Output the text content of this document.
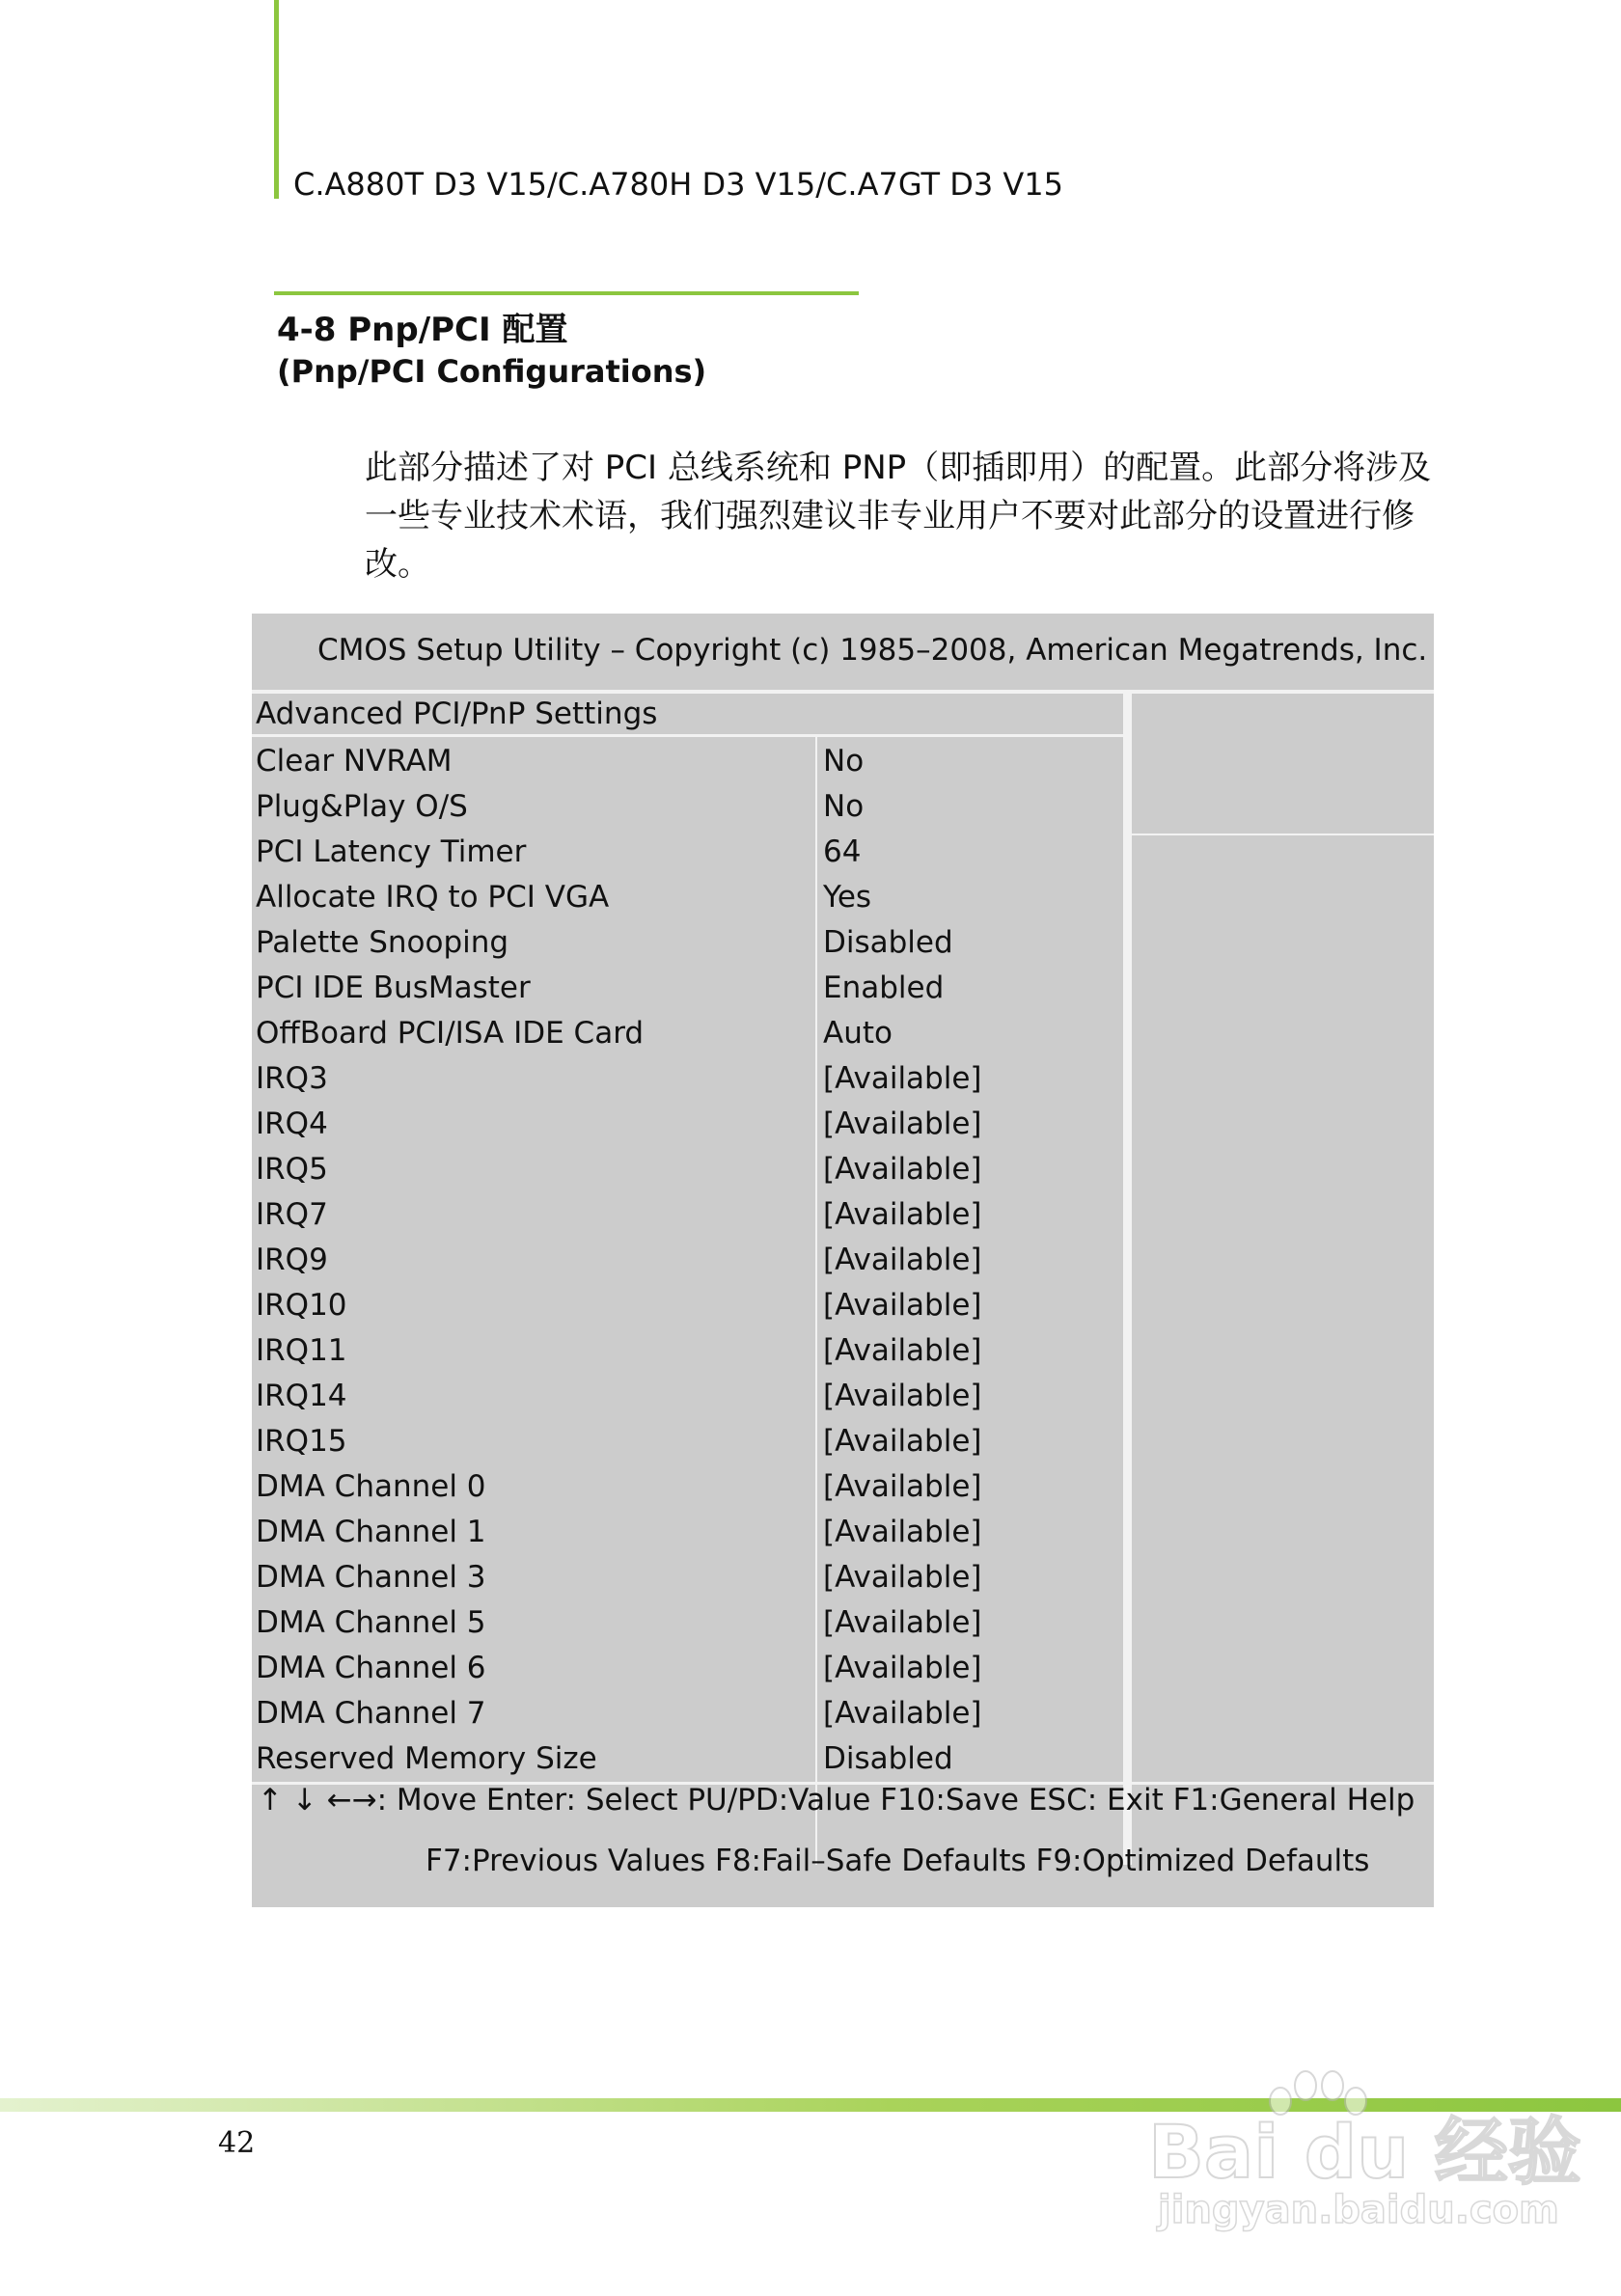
C.A880T D3 V15/C.A780H D3 V15/C.A7GT D3 V15
4-8 Pnp/PCI 配置
(Pnp/PCI Configurations)
此部分描述了对 PCI 总线系统和 PNP（即插即用）的配置。此部分将涉及
一些专业技术术语，我们强烈建议非专业用户不要对此部分的设置进行修
改。
CMOS Setup Utility – Copyright (c) 1985–2008, American Megatrends, Inc.
Advanced PCI/PnP Settings
Clear NVRAM	No
Plug&Play O/S	No
PCI Latency Timer	64
Allocate IRQ to PCI VGA	Yes
Palette Snooping	Disabled
PCI IDE BusMaster	Enabled
OffBoard PCI/ISA IDE Card	Auto
IRQ3	[Available]
IRQ4	[Available]
IRQ5	[Available]
IRQ7	[Available]
IRQ9	[Available]
IRQ10	[Available]
IRQ11	[Available]
IRQ14	[Available]
IRQ15	[Available]
DMA Channel 0	[Available]
DMA Channel 1	[Available]
DMA Channel 3	[Available]
DMA Channel 5	[Available]
DMA Channel 6	[Available]
DMA Channel 7	[Available]
Reserved Memory Size	Disabled
↑ ↓ ←→: Move Enter: Select PU/PD:Value F10:Save ESC: Exit F1:General Help
F7:Previous Values F8:Fail–Safe Defaults F9:Optimized Defaults
42	Bai du 经验
jingyan.baidu.com
